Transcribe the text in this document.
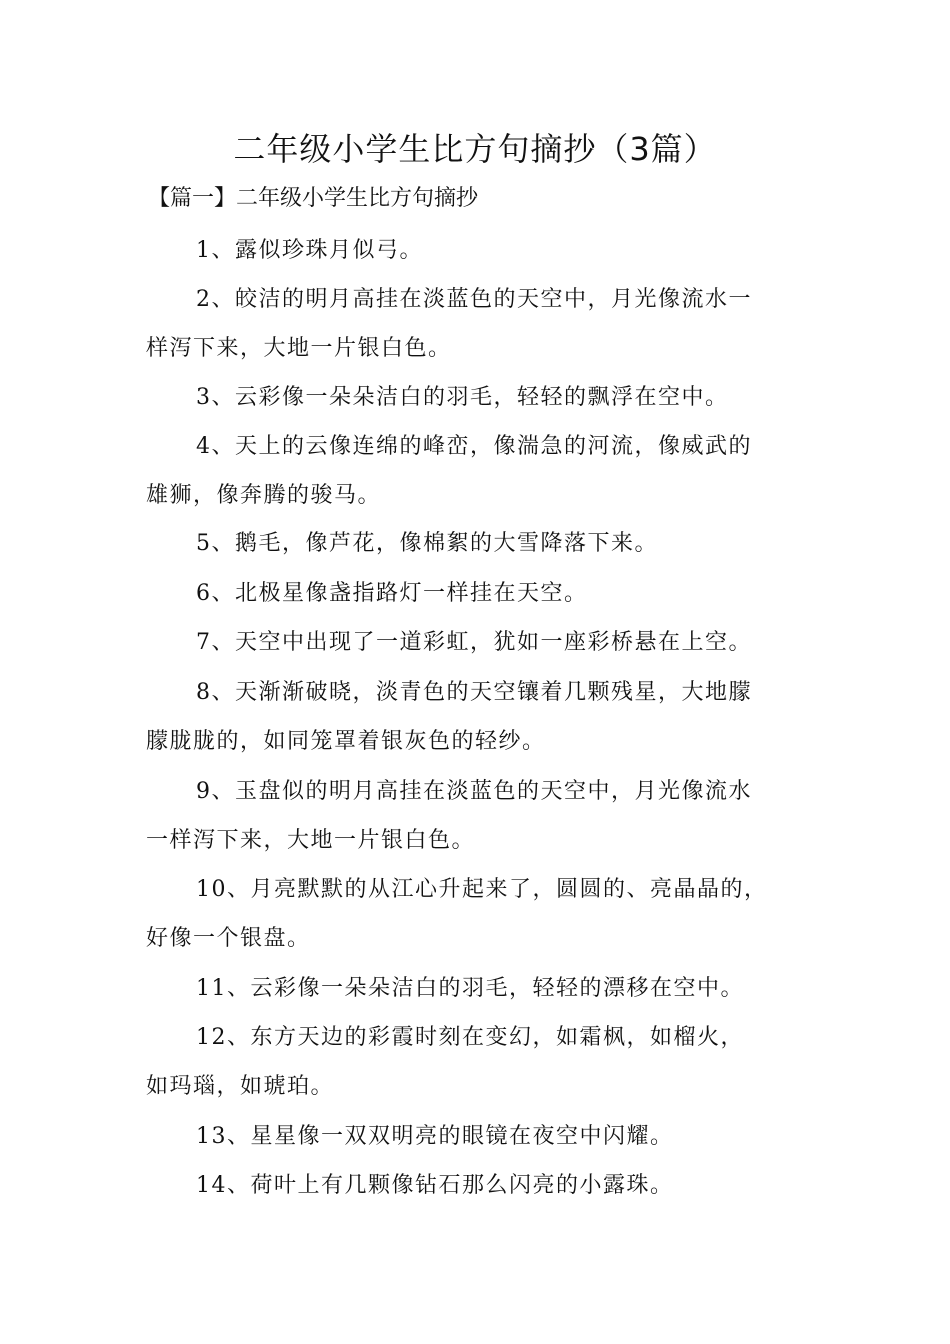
二年级小学生比方句摘抄（3篇）
【篇一】二年级小学生比方句摘抄
1、露似珍珠月似弓。
2、皎洁的明月高挂在淡蓝色的天空中，月光像流水一
样泻下来，大地一片银白色。
3、云彩像一朵朵洁白的羽毛，轻轻的飘浮在空中。
4、天上的云像连绵的峰峦，像湍急的河流，像威武的
雄狮，像奔腾的骏马。
5、鹅毛，像芦花，像棉絮的大雪降落下来。
6、北极星像盏指路灯一样挂在天空。
7、天空中出现了一道彩虹，犹如一座彩桥悬在上空。
8、天渐渐破晓，淡青色的天空镶着几颗残星，大地朦
朦胧胧的，如同笼罩着银灰色的轻纱。
9、玉盘似的明月高挂在淡蓝色的天空中，月光像流水
一样泻下来，大地一片银白色。
10、月亮默默的从江心升起来了，圆圆的、亮晶晶的，
好像一个银盘。
11、云彩像一朵朵洁白的羽毛，轻轻的漂移在空中。
12、东方天边的彩霞时刻在变幻，如霜枫，如榴火，
如玛瑙，如琥珀。
13、星星像一双双明亮的眼镜在夜空中闪耀。
14、荷叶上有几颗像钻石那么闪亮的小露珠。
